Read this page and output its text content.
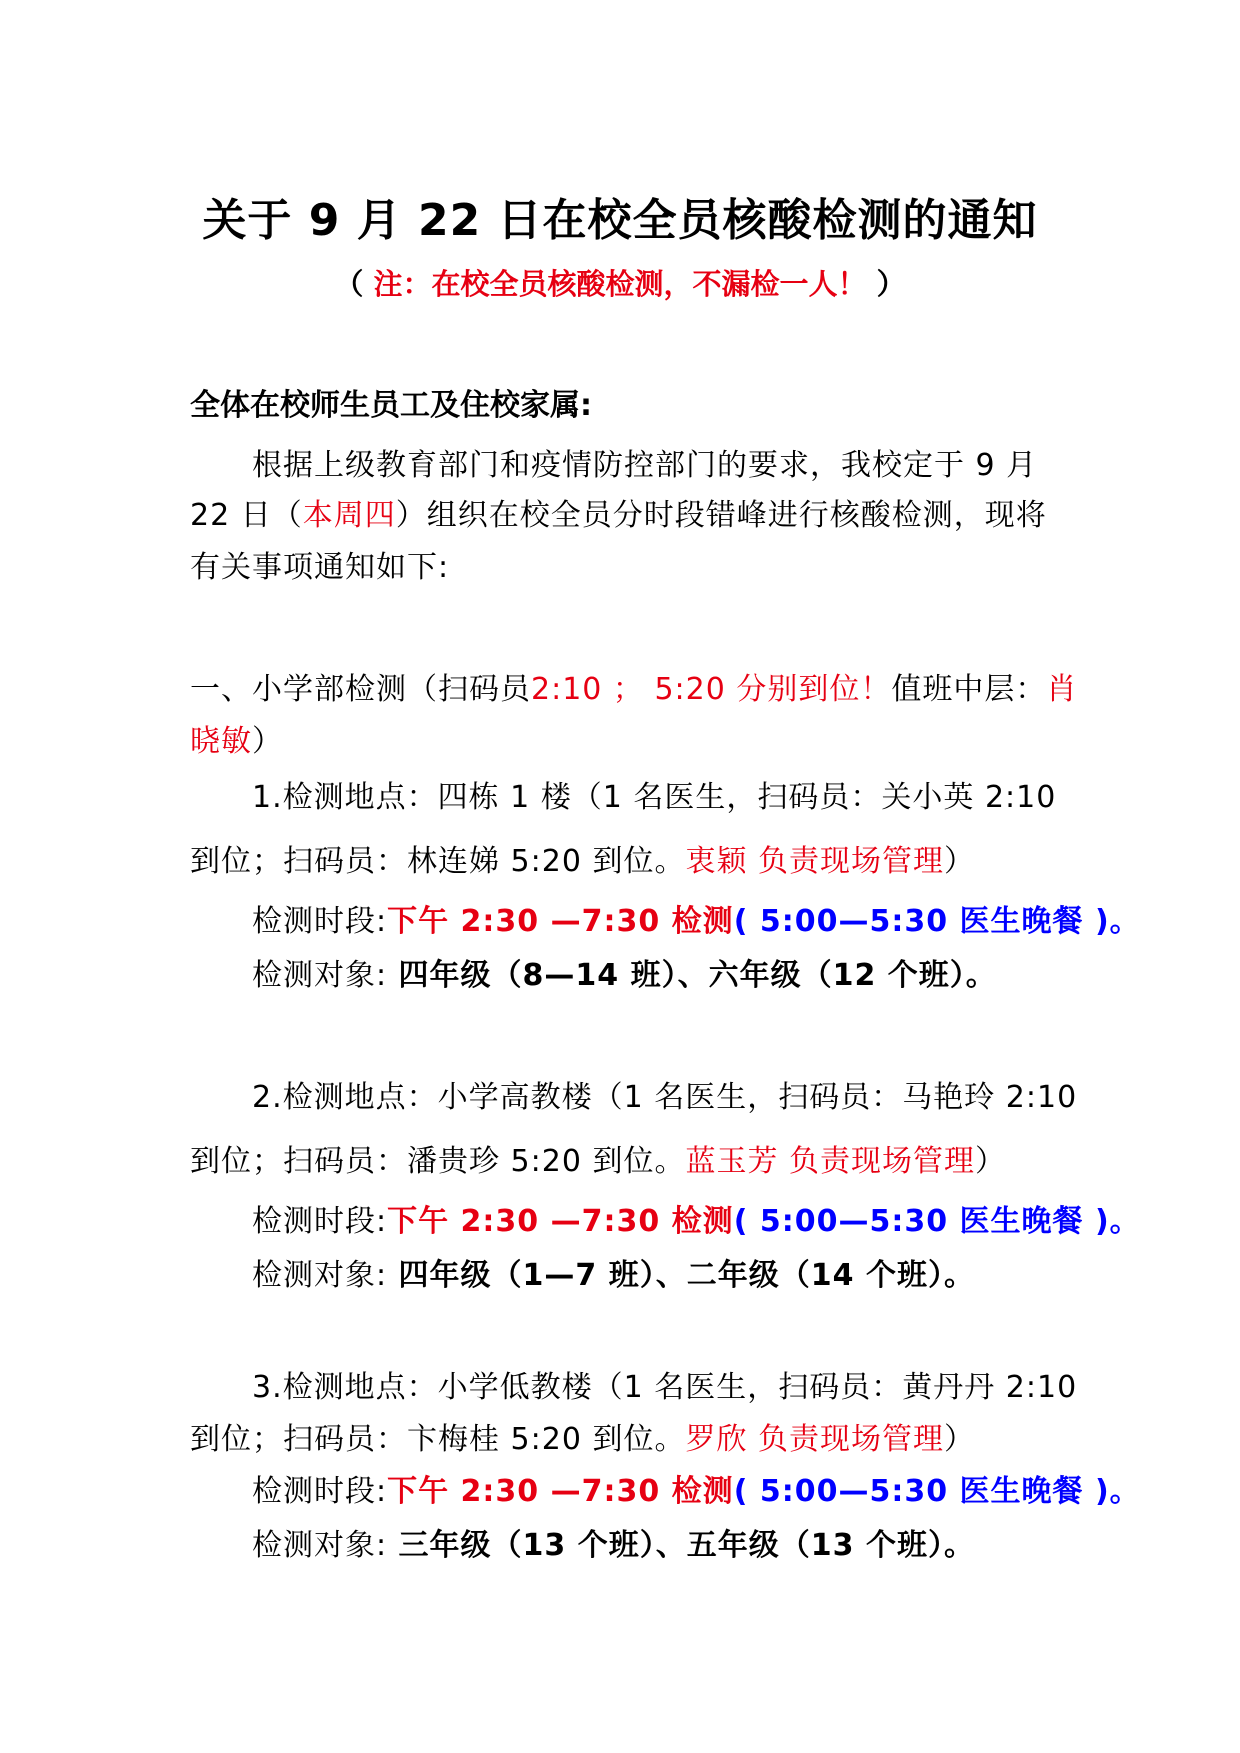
关于 9 月 22 日在校全员核酸检测的通知
（ 注：在校全员核酸检测，不漏检一人！ ）
全体在校师生员工及住校家属:
根据上级教育部门和疫情防控部门的要求，我校定于 9 月
22 日（本周四）组织在校全员分时段错峰进行核酸检测，现将
有关事项通知如下:
一、小学部检测（扫码员2:10 ； 5:20 分别到位！值班中层：肖
晓敏）
1.检测地点：四栋 1 楼（1 名医生，扫码员：关小英 2:10
到位；扫码员：林连娣 5:20 到位。衷颖 负责现场管理）
检测时段:下午 2:30 —7:30 检测( 5:00—5:30 医生晚餐 )。
检测对象: 四年级（8—14 班）、六年级（12 个班）。
2.检测地点：小学高教楼（1 名医生，扫码员：马艳玲 2:10
到位；扫码员：潘贵珍 5:20 到位。蓝玉芳 负责现场管理）
检测时段:下午 2:30 —7:30 检测( 5:00—5:30 医生晚餐 )。
检测对象: 四年级（1—7 班）、二年级（14 个班）。
3.检测地点：小学低教楼（1 名医生，扫码员：黄丹丹 2:10
到位；扫码员：卞梅桂 5:20 到位。罗欣 负责现场管理）
检测时段:下午 2:30 —7:30 检测( 5:00—5:30 医生晚餐 )。
检测对象: 三年级（13 个班）、五年级（13 个班）。
